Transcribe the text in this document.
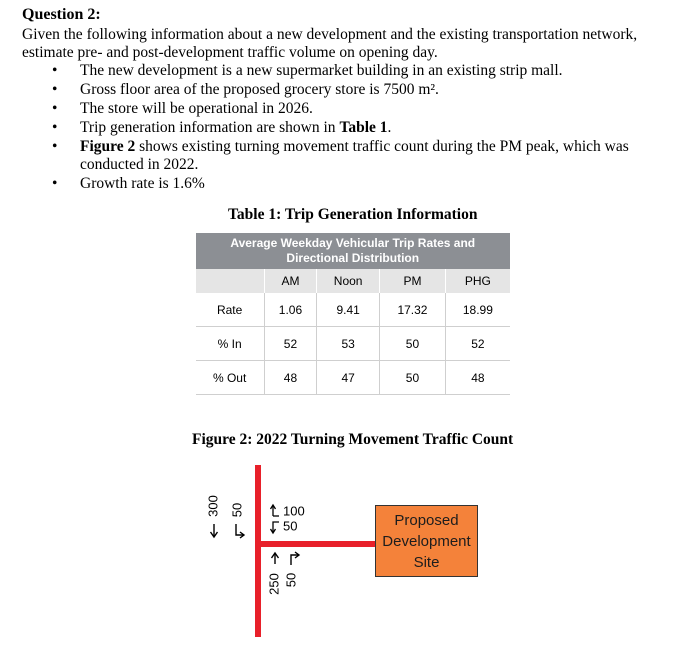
Question 2:
Given the following information about a new development and the existing transportation network, estimate pre- and post-development traffic volume on opening day.
• The new development is a new supermarket building in an existing strip mall.
• Gross floor area of the proposed grocery store is 7500 m².
• The store will be operational in 2026.
• Trip generation information are shown in Table 1.
• Figure 2 shows existing turning movement traffic count during the PM peak, which was conducted in 2022.
• Growth rate is 1.6%
Table 1: Trip Generation Information
Average Weekday Vehicular Trip Rates and Directional Distribution				
	AM	Noon	PM	PHG
Rate	1.06	9.41	17.32	18.99
% In	52	53	50	52
% Out	48	47	50	48
Figure 2: 2022 Turning Movement Traffic Count
300 50	100
50
250 50
Proposed
Development
Site
